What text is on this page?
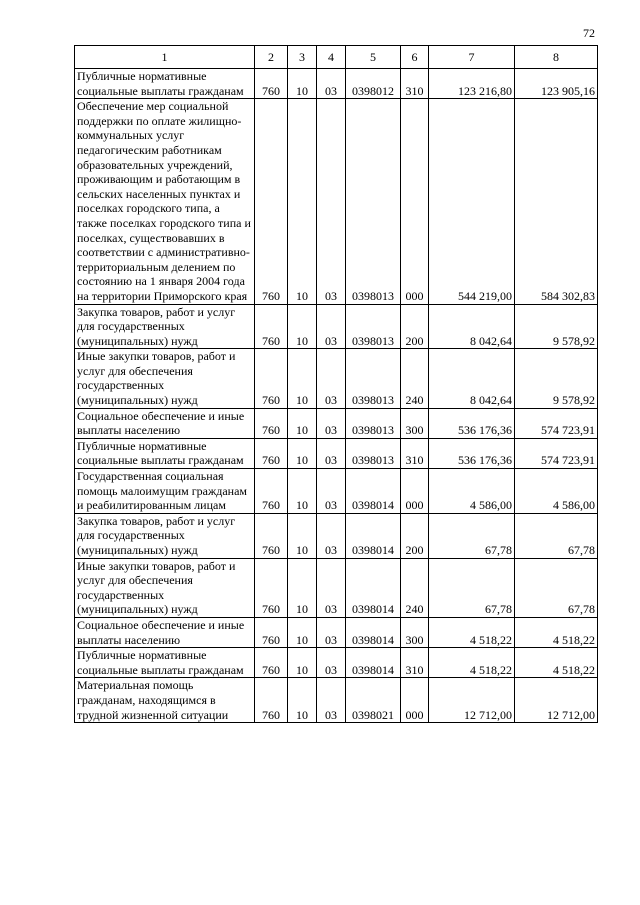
72
1	2	3	4	5	6	7	8
Публичные нормативные социальные выплаты гражданам	760	10	03	0398012	310	123 216,80	123 905,16
Обеспечение мер социальной поддержки по оплате жилищно-коммунальных услуг педагогическим работникам образовательных учреждений, проживающим и работающим в сельских населенных пунктах и поселках городского типа, а также поселках городского типа и поселках, существовавших в соответствии с административно-территориальным делением по состоянию на 1 января 2004 года на территории Приморского края	760	10	03	0398013	000	544 219,00	584 302,83
Закупка товаров, работ и услуг для государственных (муниципальных) нужд	760	10	03	0398013	200	8 042,64	9 578,92
Иные закупки товаров, работ и услуг для обеспечения государственных (муниципальных) нужд	760	10	03	0398013	240	8 042,64	9 578,92
Социальное обеспечение и иные выплаты населению	760	10	03	0398013	300	536 176,36	574 723,91
Публичные нормативные социальные выплаты гражданам	760	10	03	0398013	310	536 176,36	574 723,91
Государственная социальная помощь малоимущим гражданам и реабилитированным лицам	760	10	03	0398014	000	4 586,00	4 586,00
Закупка товаров, работ и услуг для государственных (муниципальных) нужд	760	10	03	0398014	200	67,78	67,78
Иные закупки товаров, работ и услуг для обеспечения государственных (муниципальных) нужд	760	10	03	0398014	240	67,78	67,78
Социальное обеспечение и иные выплаты населению	760	10	03	0398014	300	4 518,22	4 518,22
Публичные нормативные социальные выплаты гражданам	760	10	03	0398014	310	4 518,22	4 518,22
Материальная помощь гражданам, находящимся в трудной жизненной ситуации	760	10	03	0398021	000	12 712,00	12 712,00
